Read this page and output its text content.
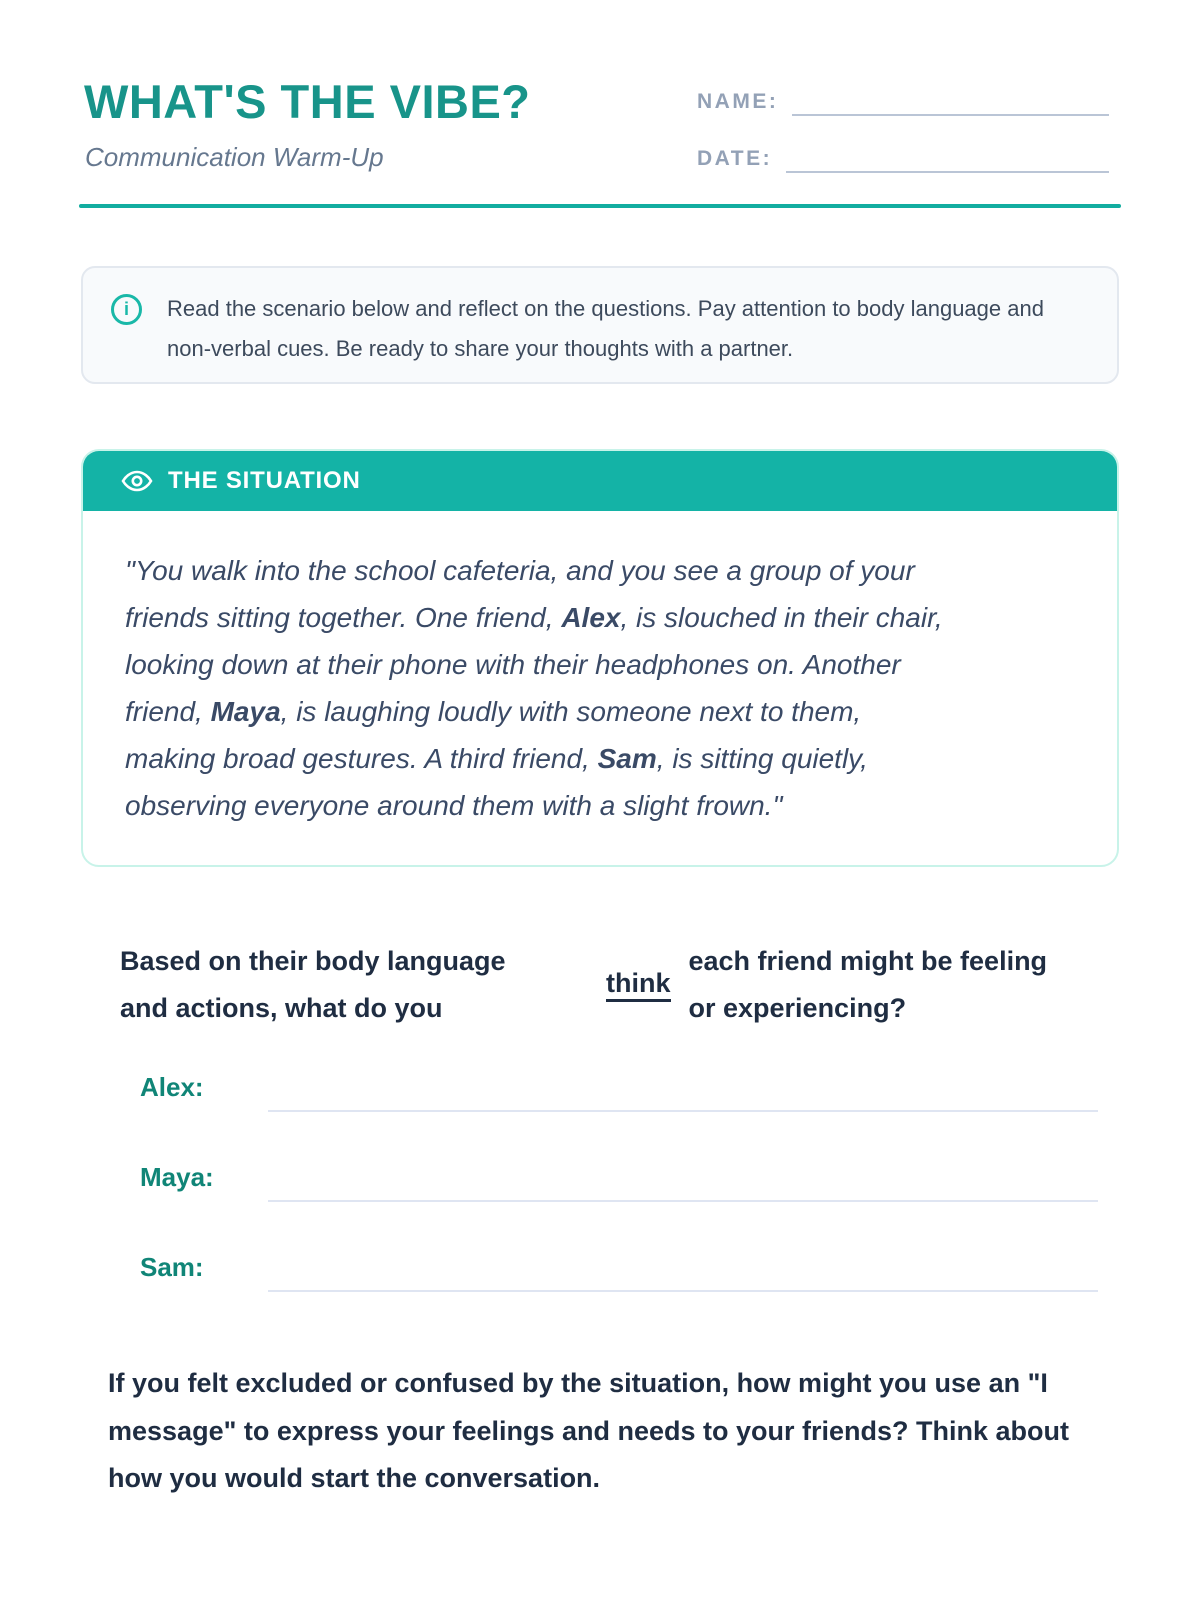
WHAT'S THE VIBE?
Communication Warm-Up
NAME:
DATE:
i	Read the scenario below and reflect on the questions. Pay attention to body language and non-verbal cues. Be ready to share your thoughts with a partner.
THE SITUATION
"You walk into the school cafeteria, and you see a group of your
friends sitting together. One friend, Alex, is slouched in their chair,
looking down at their phone with their headphones on. Another
friend, Maya, is laughing loudly with someone next to them,
making broad gestures. A third friend, Sam, is sitting quietly,
observing everyone around them with a slight frown."
Based on their body language and actions, what do you
think
each friend might be feeling or experiencing?
Alex:
Maya:
Sam:
If you felt excluded or confused by the situation, how might you use an "I message" to express your feelings and needs to your friends? Think about how you would start the conversation.
